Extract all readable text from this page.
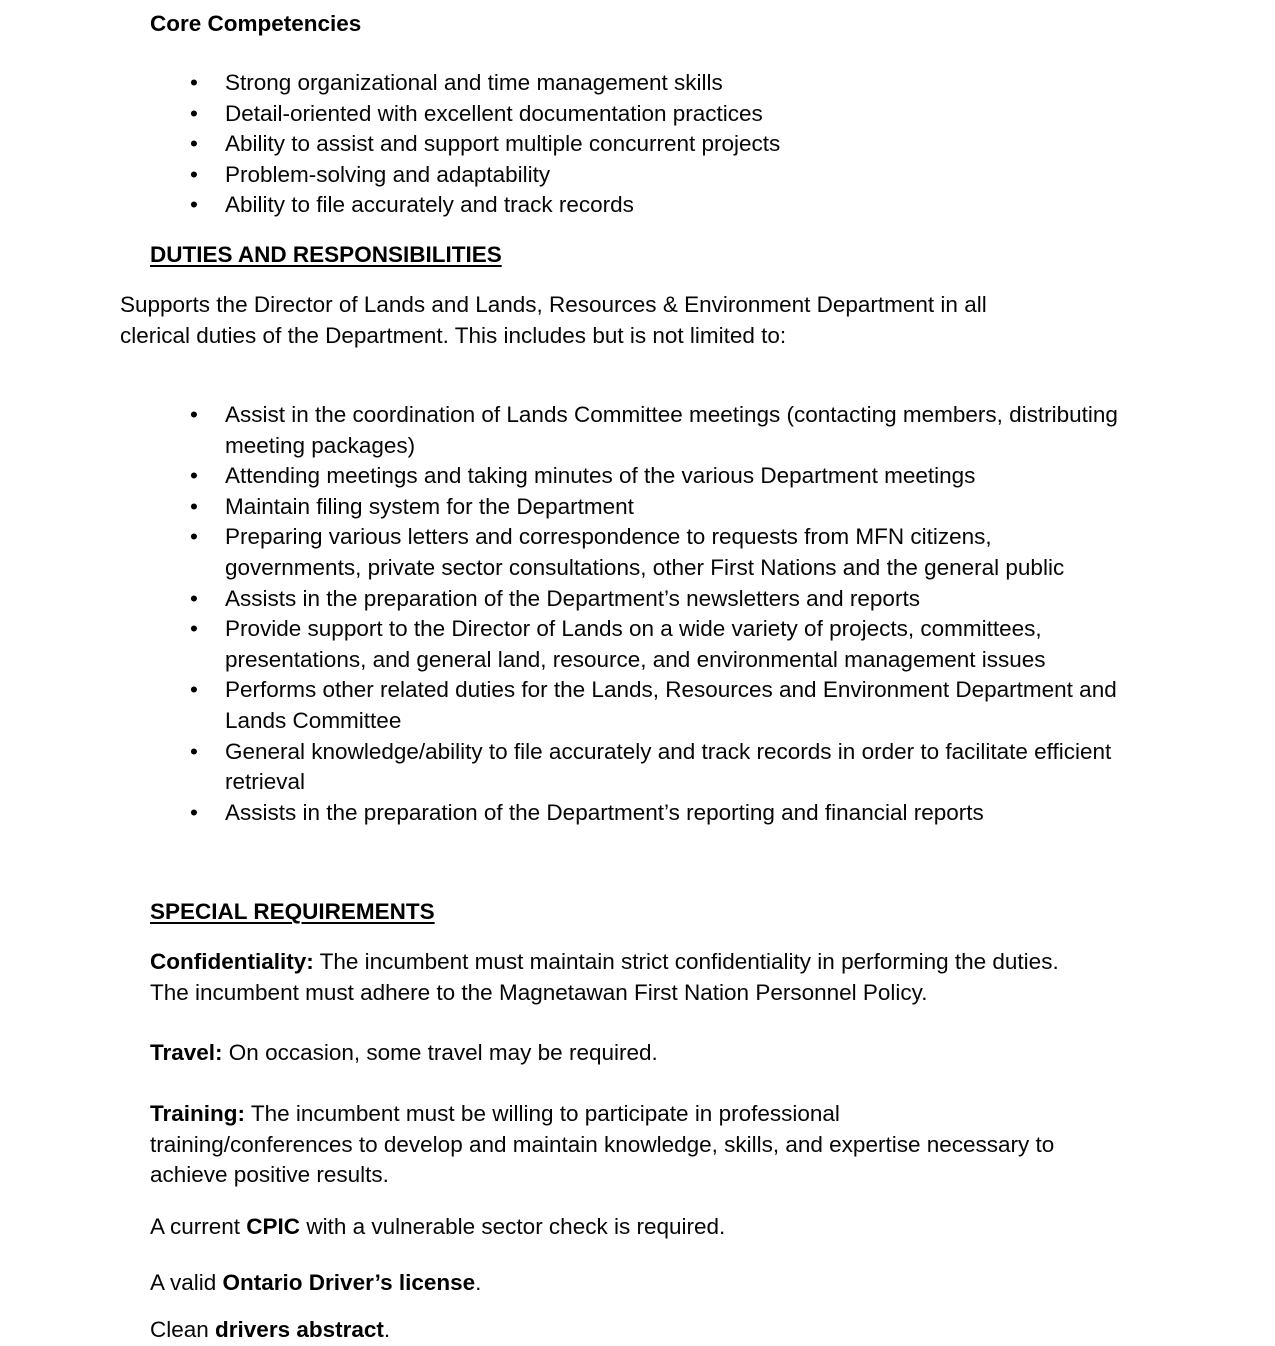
Core Competencies
•	Strong organizational and time management skills
•	Detail-oriented with excellent documentation practices
•	Ability to assist and support multiple concurrent projects
•	Problem-solving and adaptability
•	Ability to file accurately and track records
DUTIES AND RESPONSIBILITIES
Supports the Director of Lands and Lands, Resources & Environment Department in all
clerical duties of the Department. This includes but is not limited to:
•	Assist in the coordination of Lands Committee meetings (contacting members, distributing meeting packages)
•	Attending meetings and taking minutes of the various Department meetings
•	Maintain filing system for the Department
•	Preparing various letters and correspondence to requests from MFN citizens, governments, private sector consultations, other First Nations and the general public
•	Assists in the preparation of the Department’s newsletters and reports
•	Provide support to the Director of Lands on a wide variety of projects, committees, presentations, and general land, resource, and environmental management issues
•	Performs other related duties for the Lands, Resources and Environment Department and Lands Committee
•	General knowledge/ability to file accurately and track records in order to facilitate efficient retrieval
•	Assists in the preparation of the Department’s reporting and financial reports
SPECIAL REQUIREMENTS
Confidentiality: The incumbent must maintain strict confidentiality in performing the duties. The incumbent must adhere to the Magnetawan First Nation Personnel Policy.
Travel: On occasion, some travel may be required.
Training: The incumbent must be willing to participate in professional
training/conferences to develop and maintain knowledge, skills, and expertise necessary to achieve positive results.
A current CPIC with a vulnerable sector check is required.
A valid Ontario Driver’s license.
Clean drivers abstract.
